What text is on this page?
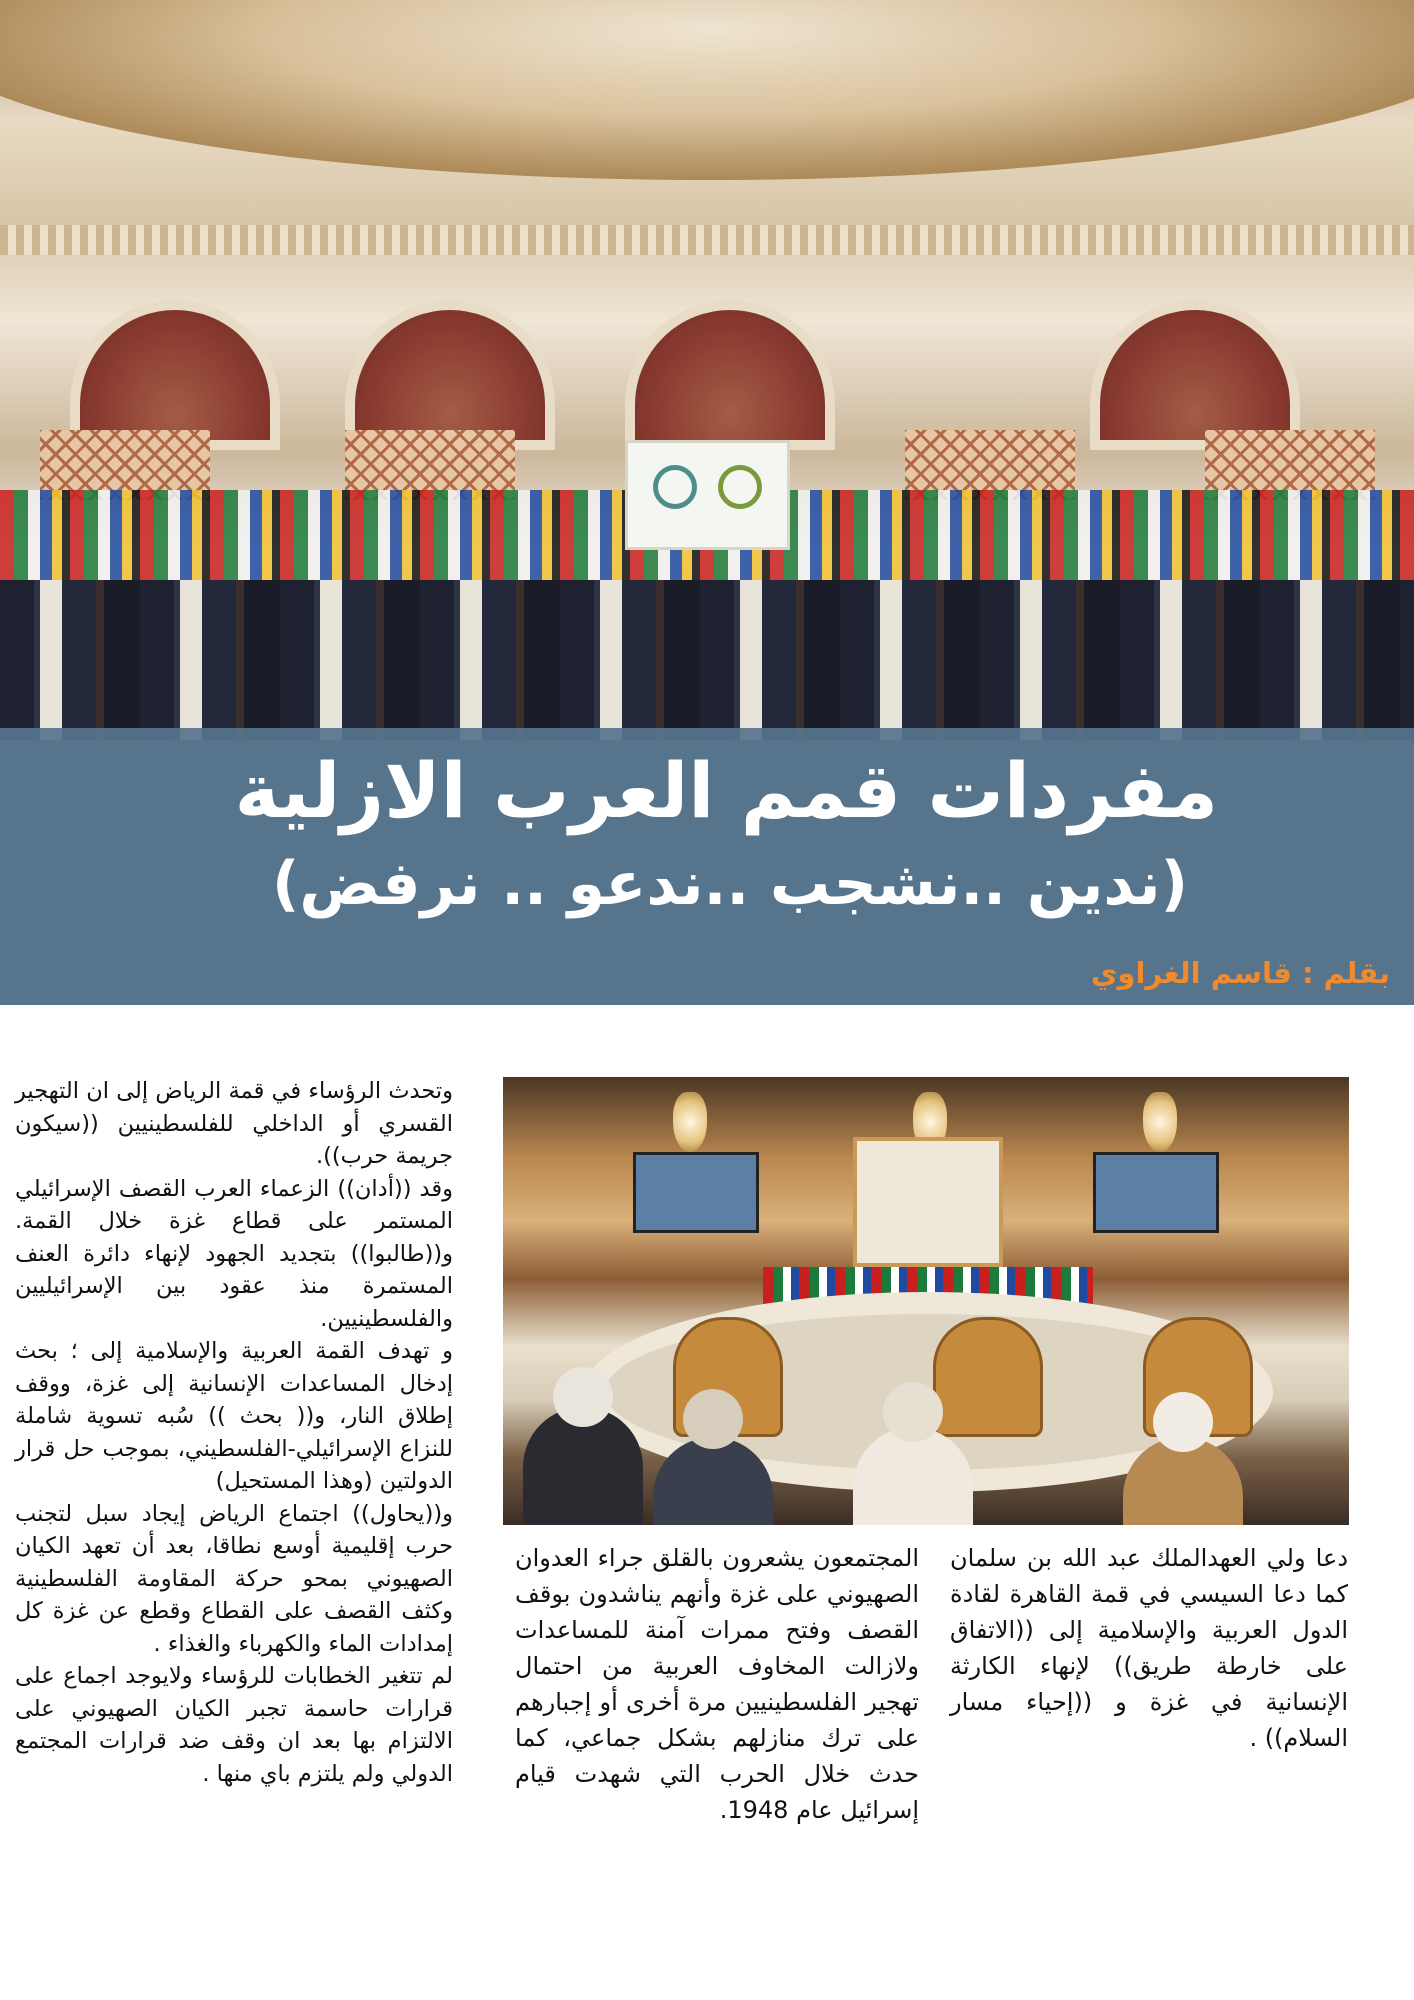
مفردات قمم العرب الازلية
(ندين ..نشجب ..ندعو .. نرفض)

بقلم : قاسم الغراوي

وتحدث الرؤساء في قمة الرياض إلى ان التهجير القسري أو الداخلي للفلسطينيين ((سيكون جريمة حرب)).

وقد ((أدان)) الزعماء العرب القصف الإسرائيلي المستمر على قطاع غزة خلال القمة. و((طالبوا)) بتجديد الجهود لإنهاء دائرة العنف المستمرة منذ عقود بين الإسرائيليين والفلسطينيين.

و تهدف القمة العربية والإسلامية إلى ؛ بحث إدخال المساعدات الإنسانية إلى غزة، ووقف إطلاق النار، و(( بحث )) سُبه تسوية شاملة للنزاع الإسرائيلي-الفلسطيني، بموجب حل قرار الدولتين (وهذا المستحيل)

و((يحاول)) اجتماع الرياض إيجاد سبل لتجنب حرب إقليمية أوسع نطاقا، بعد أن تعهد الكيان الصهيوني بمحو حركة المقاومة الفلسطينية وكثف القصف على القطاع وقطع عن غزة كل إمدادات الماء والكهرباء والغذاء .

لم تتغير الخطابات للرؤساء ولايوجد اجماع على قرارات حاسمة تجبر الكيان الصهيوني على الالتزام بها بعد ان وقف ضد قرارات المجتمع الدولي ولم يلتزم باي منها .

المجتمعون يشعرون بالقلق جراء العدوان الصهيوني على غزة وأنهم يناشدون بوقف القصف وفتح ممرات آمنة للمساعدات ولازالت المخاوف العربية من احتمال تهجير الفلسطينيين مرة أخرى أو إجبارهم على ترك منازلهم بشكل جماعي، كما حدث خلال الحرب التي شهدت قيام إسرائيل عام 1948.

دعا ولي العهدالملك عبد الله بن سلمان كما دعا السيسي في قمة القاهرة لقادة الدول العربية والإسلامية إلى ((الاتفاق على خارطة طريق)) لإنهاء الكارثة الإنسانية في غزة و ((إحياء مسار السلام)) .
